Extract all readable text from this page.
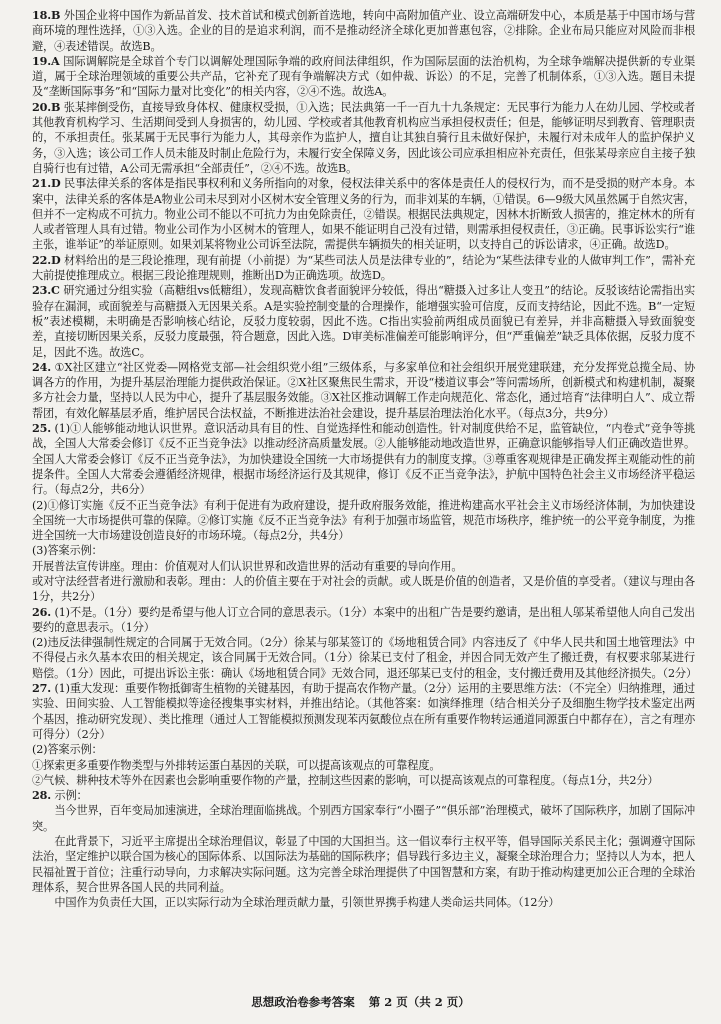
18.B 外国企业将中国作为新品首发、技术首试和模式创新首选地，转向中高附加值产业、设立高端研发中心，本质是基于中国市场与营商环境的理性选择，①③入选。企业的目的是追求利润，而不是推动经济全球化更加普惠包容，②排除。企业布局只能应对风险而非根避，④表述错误。故选B。

19.A 国际调解院是全球首个专门以调解处理国际争端的政府间法律组织，作为国际层面的法治机构，为全球争端解决提供新的专业渠道，属于全球治理领域的重要公共产品，它补充了现有争端解决方式（如仲裁、诉讼）的不足，完善了机制体系，①③入选。题目未提及“垄断国际事务”和“国际力量对比变化”的相关内容，②④不选。故选A。

20.B 张某摔倒受伤，直接导致身体权、健康权受损，①入选；民法典第一千一百九十九条规定：无民事行为能力人在幼儿园、学校或者其他教育机构学习、生活期间受到人身损害的，幼儿园、学校或者其他教育机构应当承担侵权责任；但是，能够证明尽到教育、管理职责的，不承担责任。张某属于无民事行为能力人，其母亲作为监护人，擅自让其独自骑行且未做好保护，未履行对未成年人的监护保护义务，③入选；该公司工作人员未能及时制止危险行为，未履行安全保障义务，因此该公司应承担相应补充责任，但张某母亲应自主接子独自骑行也有过错，A公司无需承担“全部责任”，②④不选。故选B。

21.D 民事法律关系的客体是指民事权利和义务所指向的对象，侵权法律关系中的客体是责任人的侵权行为，而不是受损的财产本身。本案中，法律关系的客体是A物业公司未尽到对小区树木安全管理义务的行为，而非刘某的车辆，①错误。6—9级大风虽然属于自然灾害，但并不一定构成不可抗力。物业公司不能以不可抗力为由免除责任，②错误。根据民法典规定，因林木折断致人损害的，推定林木的所有人或者管理人具有过错。物业公司作为小区树木的管理人，如果不能证明自己没有过错，则需承担侵权责任，③正确。民事诉讼实行“谁主张，谁举证”的举证原则。如果刘某将物业公司诉至法院，需提供车辆损失的相关证明，以支持自己的诉讼请求，④正确。故选D。

22.D 材料给出的是三段论推理，现有前提（小前提）为“某些司法人员是法律专业的”，结论为“某些法律专业的人做审判工作”，需补充大前提使推理成立。根据三段论推理规则，推断出D为正确选项。故选D。

23.C 研究通过分组实验（高糖组vs低糖组），发现高糖饮食者面貌评分较低，得出“糖摄入过多让人变丑”的结论。反驳该结论需指出实验存在漏洞，或面貌差与高糖摄入无因果关系。A是实验控制变量的合理操作，能增强实验可信度，反而支持结论，因此不选。B“一定短板”表述模糊，未明确是否影响核心结论，反驳力度较弱，因此不选。C指出实验前两组成员面貌已有差异，并非高糖摄入导致面貌变差，直接切断因果关系，反驳力度最强，符合题意，因此入选。D审美标准偏差可能影响评分，但“严重偏差”缺乏具体依据，反驳力度不足，因此不选。故选C。

24. ①X社区建立“社区党委—网格党支部—社会组织党小组”三级体系，与多家单位和社会组织开展党建联建，充分发挥党总揽全局、协调各方的作用，为提升基层治理能力提供政治保证。②X社区聚焦民生需求，开设“楼道议事会”等问需场所，创新模式和构建机制，凝聚多方社会力量，坚持以人民为中心，提升了基层服务效能。③X社区推动调解工作走向规范化、常态化，通过培育“法律明白人”、成立帮帮团，有效化解基层矛盾，维护居民合法权益，不断推进法治社会建设，提升基层治理法治化水平。（每点3分，共9分）

25. (1)①人能够能动地认识世界。意识活动具有目的性、自觉选择性和能动创造性。针对制度供给不足，监管缺位，“内卷式”竞争等挑战，全国人大常委会修订《反不正当竞争法》以推动经济高质量发展。②人能够能动地改造世界，正确意识能够指导人们正确改造世界。全国人大常委会修订《反不正当竞争法》，为加快建设全国统一大市场提供有力的制度支撑。③尊重客观规律是正确发挥主观能动性的前提条件。全国人大常委会遵循经济规律，根据市场经济运行及其规律，修订《反不正当竞争法》，护航中国特色社会主义市场经济平稳运行。（每点2分，共6分）

(2)①修订实施《反不正当竞争法》有利于促进有为政府建设，提升政府服务效能，推进构建高水平社会主义市场经济体制，为加快建设全国统一大市场提供可靠的保障。②修订实施《反不正当竞争法》有利于加强市场监管，规范市场秩序，维护统一的公平竞争制度，为推进全国统一大市场建设创造良好的市场环境。（每点2分，共4分）

(3)答案示例：

开展普法宣传讲座。理由：价值观对人们认识世界和改造世界的活动有重要的导向作用。

或对守法经营者进行激励和表彰。理由：人的价值主要在于对社会的贡献。或人既是价值的创造者，又是价值的享受者。（建议与理由各1分，共2分）

26. (1)不是。（1分）要约是希望与他人订立合同的意思表示。（1分）本案中的出租广告是要约邀请，是出租人邬某希望他人向自己发出要约的意思表示。（1分）

(2)违反法律强制性规定的合同属于无效合同。（2分）徐某与邬某签订的《场地租赁合同》内容违反了《中华人民共和国土地管理法》中不得侵占永久基本农田的相关规定，该合同属于无效合同。（1分）徐某已支付了租金，并因合同无效产生了搬迁费，有权要求邬某进行赔偿。（1分）因此，可提出诉讼主张：确认《场地租赁合同》无效合同，退还邬某已支付的租金，支付搬迁费用及其他经济损失。（2分）

27. (1)重大发现：重要作物抵御寄生植物的关键基因，有助于提高农作物产量。（2分）运用的主要思维方法：（不完全）归纳推理，通过实验、田间实验、人工智能模拟等途径搜集事实材料，并推出结论。（其他答案：如演绎推理（结合相关分子及细胞生物学技术鉴定出两个基因，推动研究发现）、类比推理（通过人工智能模拟预测发现苯丙氨酸位点在所有重要作物转运通道同源蛋白中都存在），言之有理亦可得分）（2分）

(2)答案示例：

①探索更多重要作物类型与外排转运蛋白基因的关联，可以提高该观点的可靠程度。

②气候、耕种技术等外在因素也会影响重要作物的产量，控制这些因素的影响，可以提高该观点的可靠程度。（每点1分，共2分）

28. 示例：

当今世界，百年变局加速演进，全球治理面临挑战。个别西方国家奉行“小圈子”“俱乐部”治理模式，破坏了国际秩序，加剧了国际冲突。

在此背景下，习近平主席提出全球治理倡议，彰显了中国的大国担当。这一倡议奉行主权平等，倡导国际关系民主化；强调遵守国际法治，坚定维护以联合国为核心的国际体系、以国际法为基础的国际秩序；倡导践行多边主义，凝聚全球治理合力；坚持以人为本，把人民福祉置于首位；注重行动导向，力求解决实际问题。这为完善全球治理提供了中国智慧和方案，有助于推动构建更加公正合理的全球治理体系，契合世界各国人民的共同利益。

中国作为负责任大国，正以实际行动为全球治理贡献力量，引领世界携手构建人类命运共同体。（12分）

思想政治卷参考答案 第 2 页（共 2 页）
